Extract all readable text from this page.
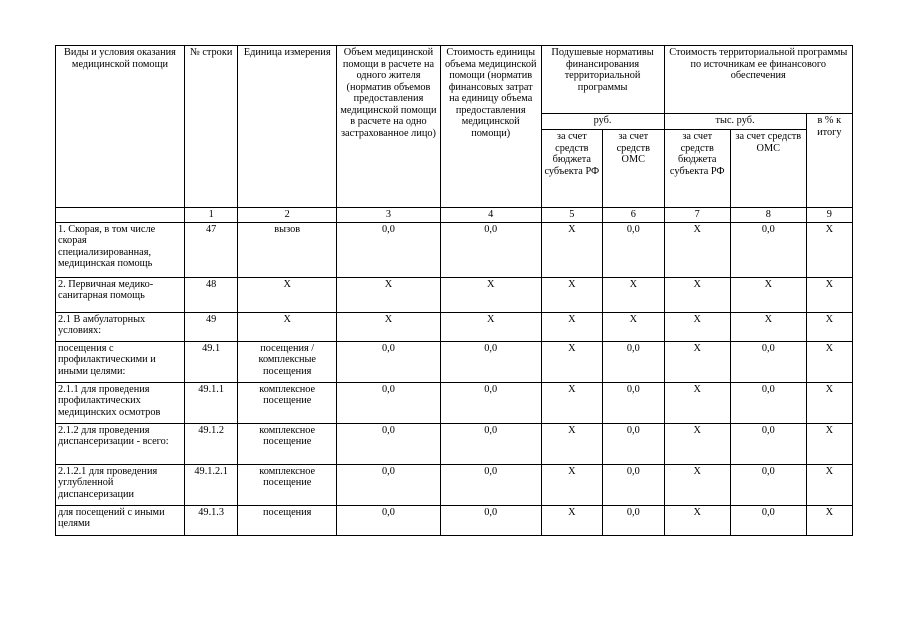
Виды и условия оказания медицинской помощи	№ строки	Единица измерения	Объем медицинской помощи в расчете на одного жителя (норматив объемов предоставления медицинской помощи в расчете на одно застрахованное лицо)	Стоимость единицы объема медицинской помощи (норматив финансовых затрат на единицу объема предоставления медицинской помощи)	Подушевые нормативы финансирования территориальной программы		Стоимость территориальной программы по источникам ее финансового обеспечения		
					руб.		тыс. руб.		в % к итогу
					за счет средств бюджета субъекта РФ	за счет средств ОМС	за счет средств бюджета субъекта РФ	за счет средств ОМС	
	1	2	3	4	5	6	7	8	9
1. Скорая, в том числе скорая специализированная, медицинская помощь	47	вызов	0,0	0,0	X	0,0	X	0,0	X
2. Первичная медико-санитарная помощь	48	X	X	X	X	X	X	X	X
2.1 В амбулаторных условиях:	49	X	X	X	X	X	X	X	X
посещения с профилактическими и иными целями:	49.1	посещения / комплексные посещения	0,0	0,0	X	0,0	X	0,0	X
2.1.1 для проведения профилактических медицинских осмотров	49.1.1	комплексное посещение	0,0	0,0	X	0,0	X	0,0	X
2.1.2 для проведения диспансеризации - всего:	49.1.2	комплексное посещение	0,0	0,0	X	0,0	X	0,0	X
2.1.2.1 для проведения углубленной диспансеризации	49.1.2.1	комплексное посещение	0,0	0,0	X	0,0	X	0,0	X
для посещений с иными целями	49.1.3	посещения	0,0	0,0	X	0,0	X	0,0	X
